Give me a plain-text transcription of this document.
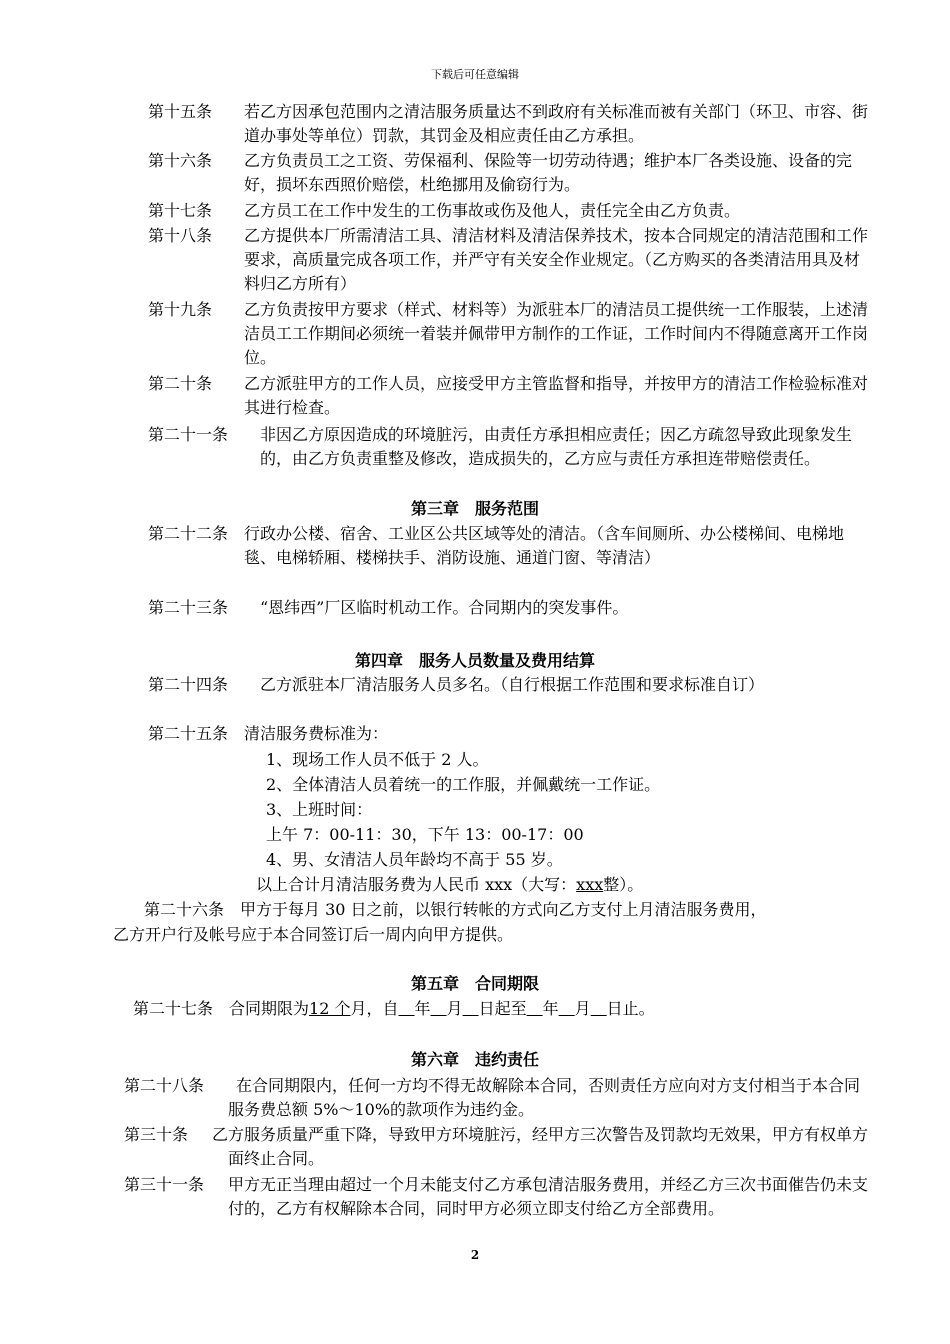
下载后可任意编辑
第十五条 若乙方因承包范围内之清洁服务质量达不到政府有关标准而被有关部门（环卫、市容、街道办事处等单位）罚款，其罚金及相应责任由乙方承担。
第十六条 乙方负责员工之工资、劳保福利、保险等一切劳动待遇；维护本厂各类设施、设备的完好，损坏东西照价赔偿，杜绝挪用及偷窃行为。
第十七条 乙方员工在工作中发生的工伤事故或伤及他人，责任完全由乙方负责。
第十八条 乙方提供本厂所需清洁工具、清洁材料及清洁保养技术，按本合同规定的清洁范围和工作要求，高质量完成各项工作，并严守有关安全作业规定。（乙方购买的各类清洁用具及材料归乙方所有）
第十九条 乙方负责按甲方要求（样式、材料等）为派驻本厂的清洁员工提供统一工作服装，上述清洁员工工作期间必须统一着装并佩带甲方制作的工作证，工作时间内不得随意离开工作岗位。
第二十条 乙方派驻甲方的工作人员，应接受甲方主管监督和指导，并按甲方的清洁工作检验标准对其进行检查。
第二十一条 非因乙方原因造成的环境脏污，由责任方承担相应责任；因乙方疏忽导致此现象发生的，由乙方负责重整及修改，造成损失的，乙方应与责任方承担连带赔偿责任。
第三章　服务范围
第二十二条 行政办公楼、宿舍、工业区公共区域等处的清洁。（含车间厕所、办公楼梯间、电梯地毯、电梯轿厢、楼梯扶手、消防设施、通道门窗、等清洁）
第二十三条 “恩纬西”厂区临时机动工作。合同期内的突发事件。
第四章　服务人员数量及费用结算
第二十四条	乙方派驻本厂清洁服务人员多名。（自行根据工作范围和要求标准自订）
第二十五条　 清洁服务费标准为：
1、现场工作人员不低于 2 人。
2、全体清洁人员着统一的工作服，并佩戴统一工作证。
3、上班时间：
上午 7：00-11：30，下午 13：00-17：00
4、男、女清洁人员年龄均不高于 55 岁。
以上合计月清洁服务费为人民币 xxx（大写：xxx整）。
第二十六条　甲方于每月 30 日之前，以银行转帐的方式向乙方支付上月清洁服务费用，
乙方开户行及帐号应于本合同签订后一周内向甲方提供。
第五章　合同期限
第二十七条　合同期限为12 个月，自　 年　 月　 日起至　 年　 月　 日止。
第六章　违约责任
第二十八条	在合同期限内，任何一方均不得无故解除本合同，否则责任方应向对方支付相当于本合同服务费总额 5%～10%的款项作为违约金。
第三十条 乙方服务质量严重下降，导致甲方环境脏污，经甲方三次警告及罚款均无效果，甲方有权单方面终止合同。
第三十一条 甲方无正当理由超过一个月未能支付乙方承包清洁服务费用，并经乙方三次书面催告仍未支付的，乙方有权解除本合同，同时甲方必须立即支付给乙方全部费用。
2
